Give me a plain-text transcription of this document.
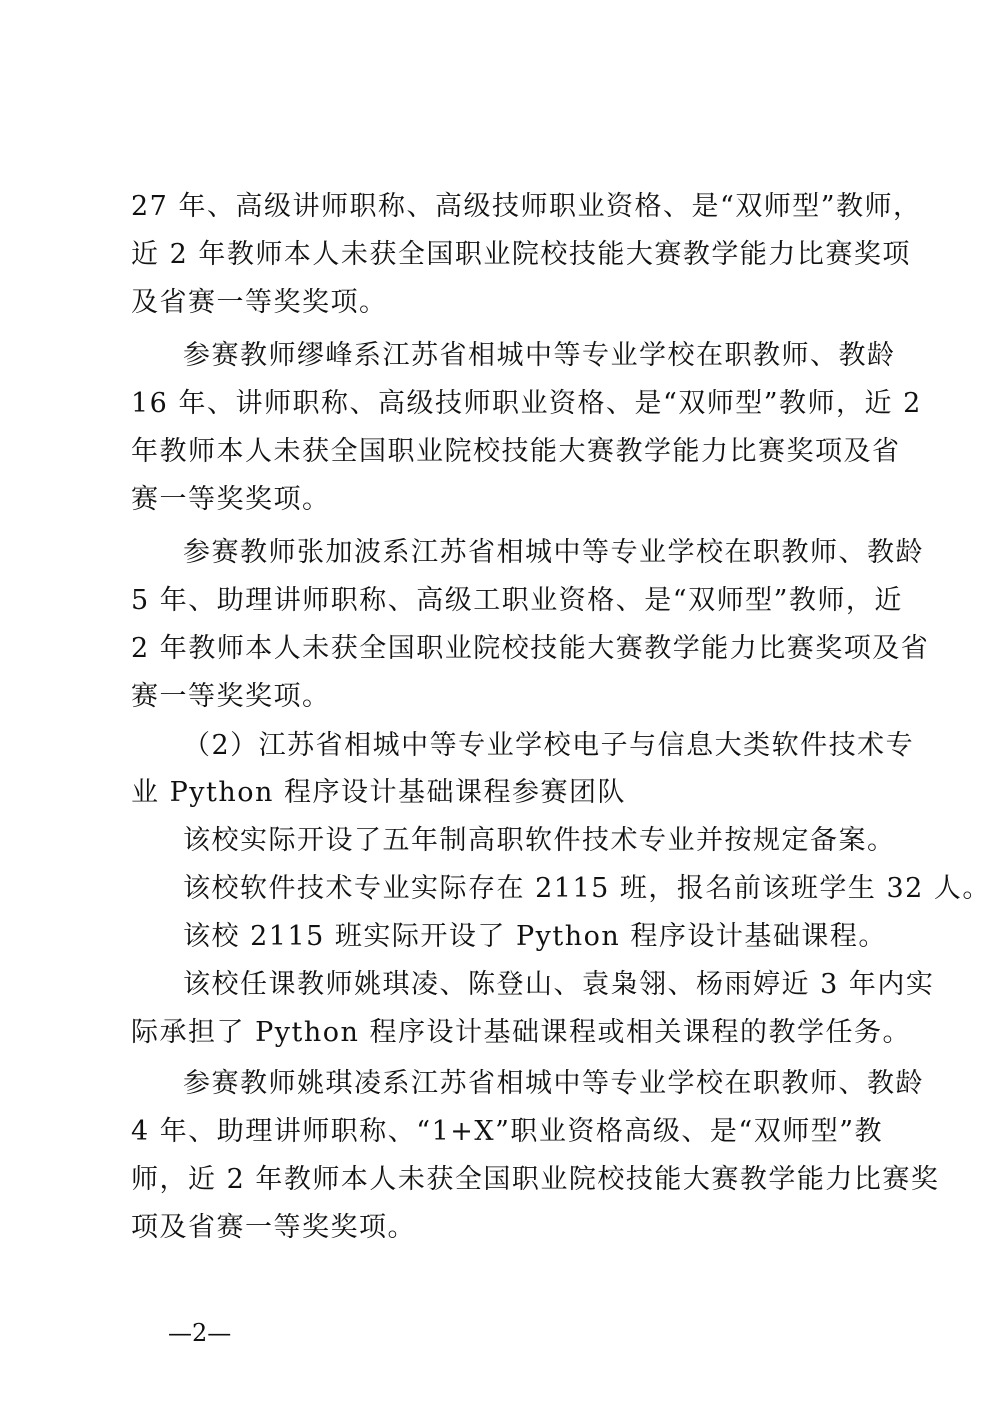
27 年、高级讲师职称、高级技师职业资格、是“双师型”教师，
近 2 年教师本人未获全国职业院校技能大赛教学能力比赛奖项
及省赛一等奖奖项。
参赛教师缪峰系江苏省相城中等专业学校在职教师、教龄
16 年、讲师职称、高级技师职业资格、是“双师型”教师，近 2
年教师本人未获全国职业院校技能大赛教学能力比赛奖项及省
赛一等奖奖项。
参赛教师张加波系江苏省相城中等专业学校在职教师、教龄
5 年、助理讲师职称、高级工职业资格、是“双师型”教师，近
2 年教师本人未获全国职业院校技能大赛教学能力比赛奖项及省
赛一等奖奖项。
（2）江苏省相城中等专业学校电子与信息大类软件技术专
业 Python 程序设计基础课程参赛团队
该校实际开设了五年制高职软件技术专业并按规定备案。
该校软件技术专业实际存在 2115 班，报名前该班学生 32 人。
该校 2115 班实际开设了 Python 程序设计基础课程。
该校任课教师姚琪凌、陈登山、袁枭翎、杨雨婷近 3 年内实
际承担了 Python 程序设计基础课程或相关课程的教学任务。
参赛教师姚琪凌系江苏省相城中等专业学校在职教师、教龄
4 年、助理讲师职称、“1+X”职业资格高级、是“双师型”教
师，近 2 年教师本人未获全国职业院校技能大赛教学能力比赛奖
项及省赛一等奖奖项。
—2—
